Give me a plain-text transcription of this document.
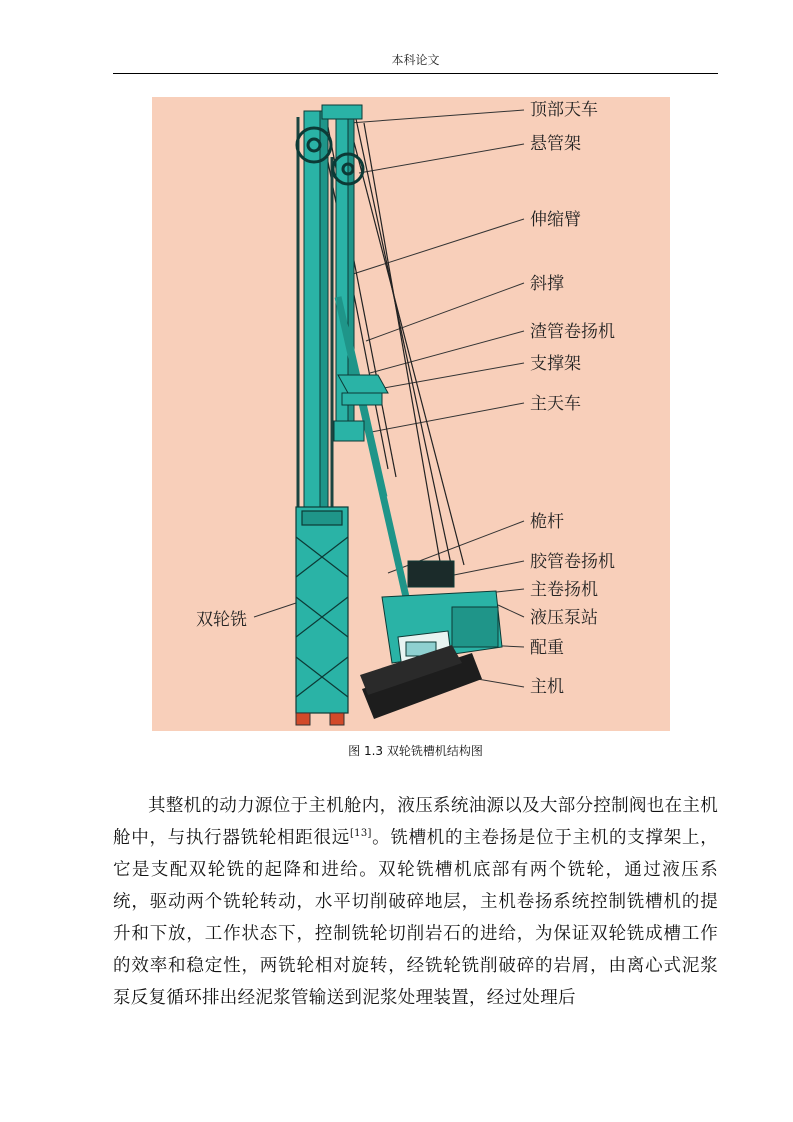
本科论文
顶部天车
悬管架
伸缩臂
斜撑
渣管卷扬机
支撑架
主天车
桅杆
胶管卷扬机
主卷扬机
液压泵站
配重
主机
双轮铣
图 1.3 双轮铣槽机结构图

其整机的动力源位于主机舱内，液压系统油源以及大部分控制阀也在主机舱中，与执行器铣轮相距很远[13]。铣槽机的主卷扬是位于主机的支撑架上，它是支配双轮铣的起降和进给。双轮铣槽机底部有两个铣轮，通过液压系统，驱动两个铣轮转动，水平切削破碎地层，主机卷扬系统控制铣槽机的提升和下放，工作状态下，控制铣轮切削岩石的进给，为保证双轮铣成槽工作的效率和稳定性，两铣轮相对旋转，经铣轮铣削破碎的岩屑，由离心式泥浆泵反复循环排出经泥浆管输送到泥浆处理装置，经过处理后
